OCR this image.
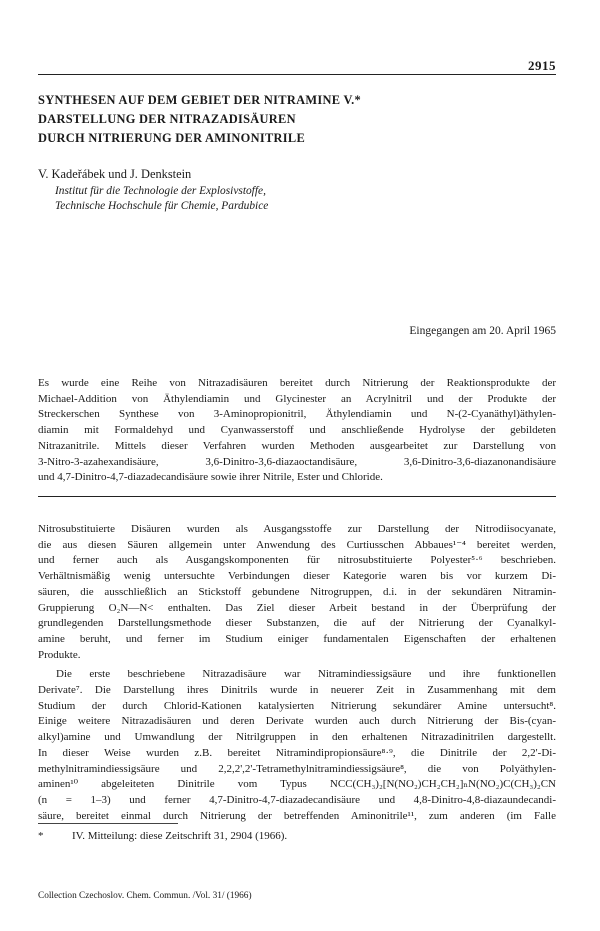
2915
SYNTHESEN AUF DEM GEBIET DER NITRAMINE V.*
DARSTELLUNG DER NITRAZADISÄUREN
DURCH NITRIERUNG DER AMINONITRILE
V. Kadeřábek und J. Denkstein
Institut für die Technologie der Explosivstoffe,
Technische Hochschule für Chemie, Pardubice
Eingegangen am 20. April 1965
Es wurde eine Reihe von Nitrazadisäuren bereitet durch Nitrierung der Reaktionsprodukte der
Michael-Addition von Äthylendiamin und Glycinester an Acrylnitril und der Produkte der
Streckerschen Synthese von 3-Aminopropionitril, Äthylendiamin und N-(2-Cyanäthyl)äthylen-
diamin mit Formaldehyd und Cyanwasserstoff und anschließende Hydrolyse der gebildeten
Nitrazanitrile. Mittels dieser Verfahren wurden Methoden ausgearbeitet zur Darstellung von
3-Nitro-3-azahexandisäure, 3,6-Dinitro-3,6-diazaoctandisäure, 3,6-Dinitro-3,6-diazanonandisäure
und 4,7-Dinitro-4,7-diazadecandisäure sowie ihrer Nitrile, Ester und Chloride.
Nitrosubstituierte Disäuren wurden als Ausgangsstoffe zur Darstellung der Nitrodiisocyanate,
die aus diesen Säuren allgemein unter Anwendung des Curtiusschen Abbaues¹⁻⁴ bereitet werden,
und ferner auch als Ausgangskomponenten für nitrosubstituierte Polyester⁵·⁶ beschrieben.
Verhältnismäßig wenig untersuchte Verbindungen dieser Kategorie waren bis vor kurzem Di-
säuren, die ausschließlich an Stickstoff gebundene Nitrogruppen, d.i. in der sekundären Nitramin-
Gruppierung O₂N—N< enthalten. Das Ziel dieser Arbeit bestand in der Überprüfung der
grundlegenden Darstellungsmethode dieser Substanzen, die auf der Nitrierung der Cyanalkyl-
amine beruht, und ferner im Studium einiger fundamentalen Eigenschaften der erhaltenen
Produkte.
Die erste beschriebene Nitrazadisäure war Nitramindiessigsäure und ihre funktionellen
Derivate⁷. Die Darstellung ihres Dinitrils wurde in neuerer Zeit in Zusammenhang mit dem
Studium der durch Chlorid-Kationen katalysierten Nitrierung sekundärer Amine untersucht⁸.
Einige weitere Nitrazadisäuren und deren Derivate wurden auch durch Nitrierung der Bis-(cyan-
alkyl)amine und Umwandlung der Nitrilgruppen in den erhaltenen Nitrazadinitrilen dargestellt.
In dieser Weise wurden z.B. bereitet Nitramindipropionsäure⁸·⁹, die Dinitrile der 2,2'-Di-
methylnitramindiessigsäure und 2,2,2',2'-Tetramethylnitramindiessigsäure⁸, die von Polyäthylen-
aminen¹⁰ abgeleiteten Dinitrile vom Typus NCC(CH₃)₂[N(NO₂)CH₂CH₂]ₙN(NO₂)C(CH₃)₂CN
(n = 1–3) und ferner 4,7-Dinitro-4,7-diazadecandisäure und 4,8-Dinitro-4,8-diazaundecandi-
säure, bereitet einmal durch Nitrierung der betreffenden Aminonitrile¹¹, zum anderen (im Falle
*	IV. Mitteilung: diese Zeitschrift 31, 2904 (1966).
Collection Czechoslov. Chem. Commun. /Vol. 31/ (1966)
